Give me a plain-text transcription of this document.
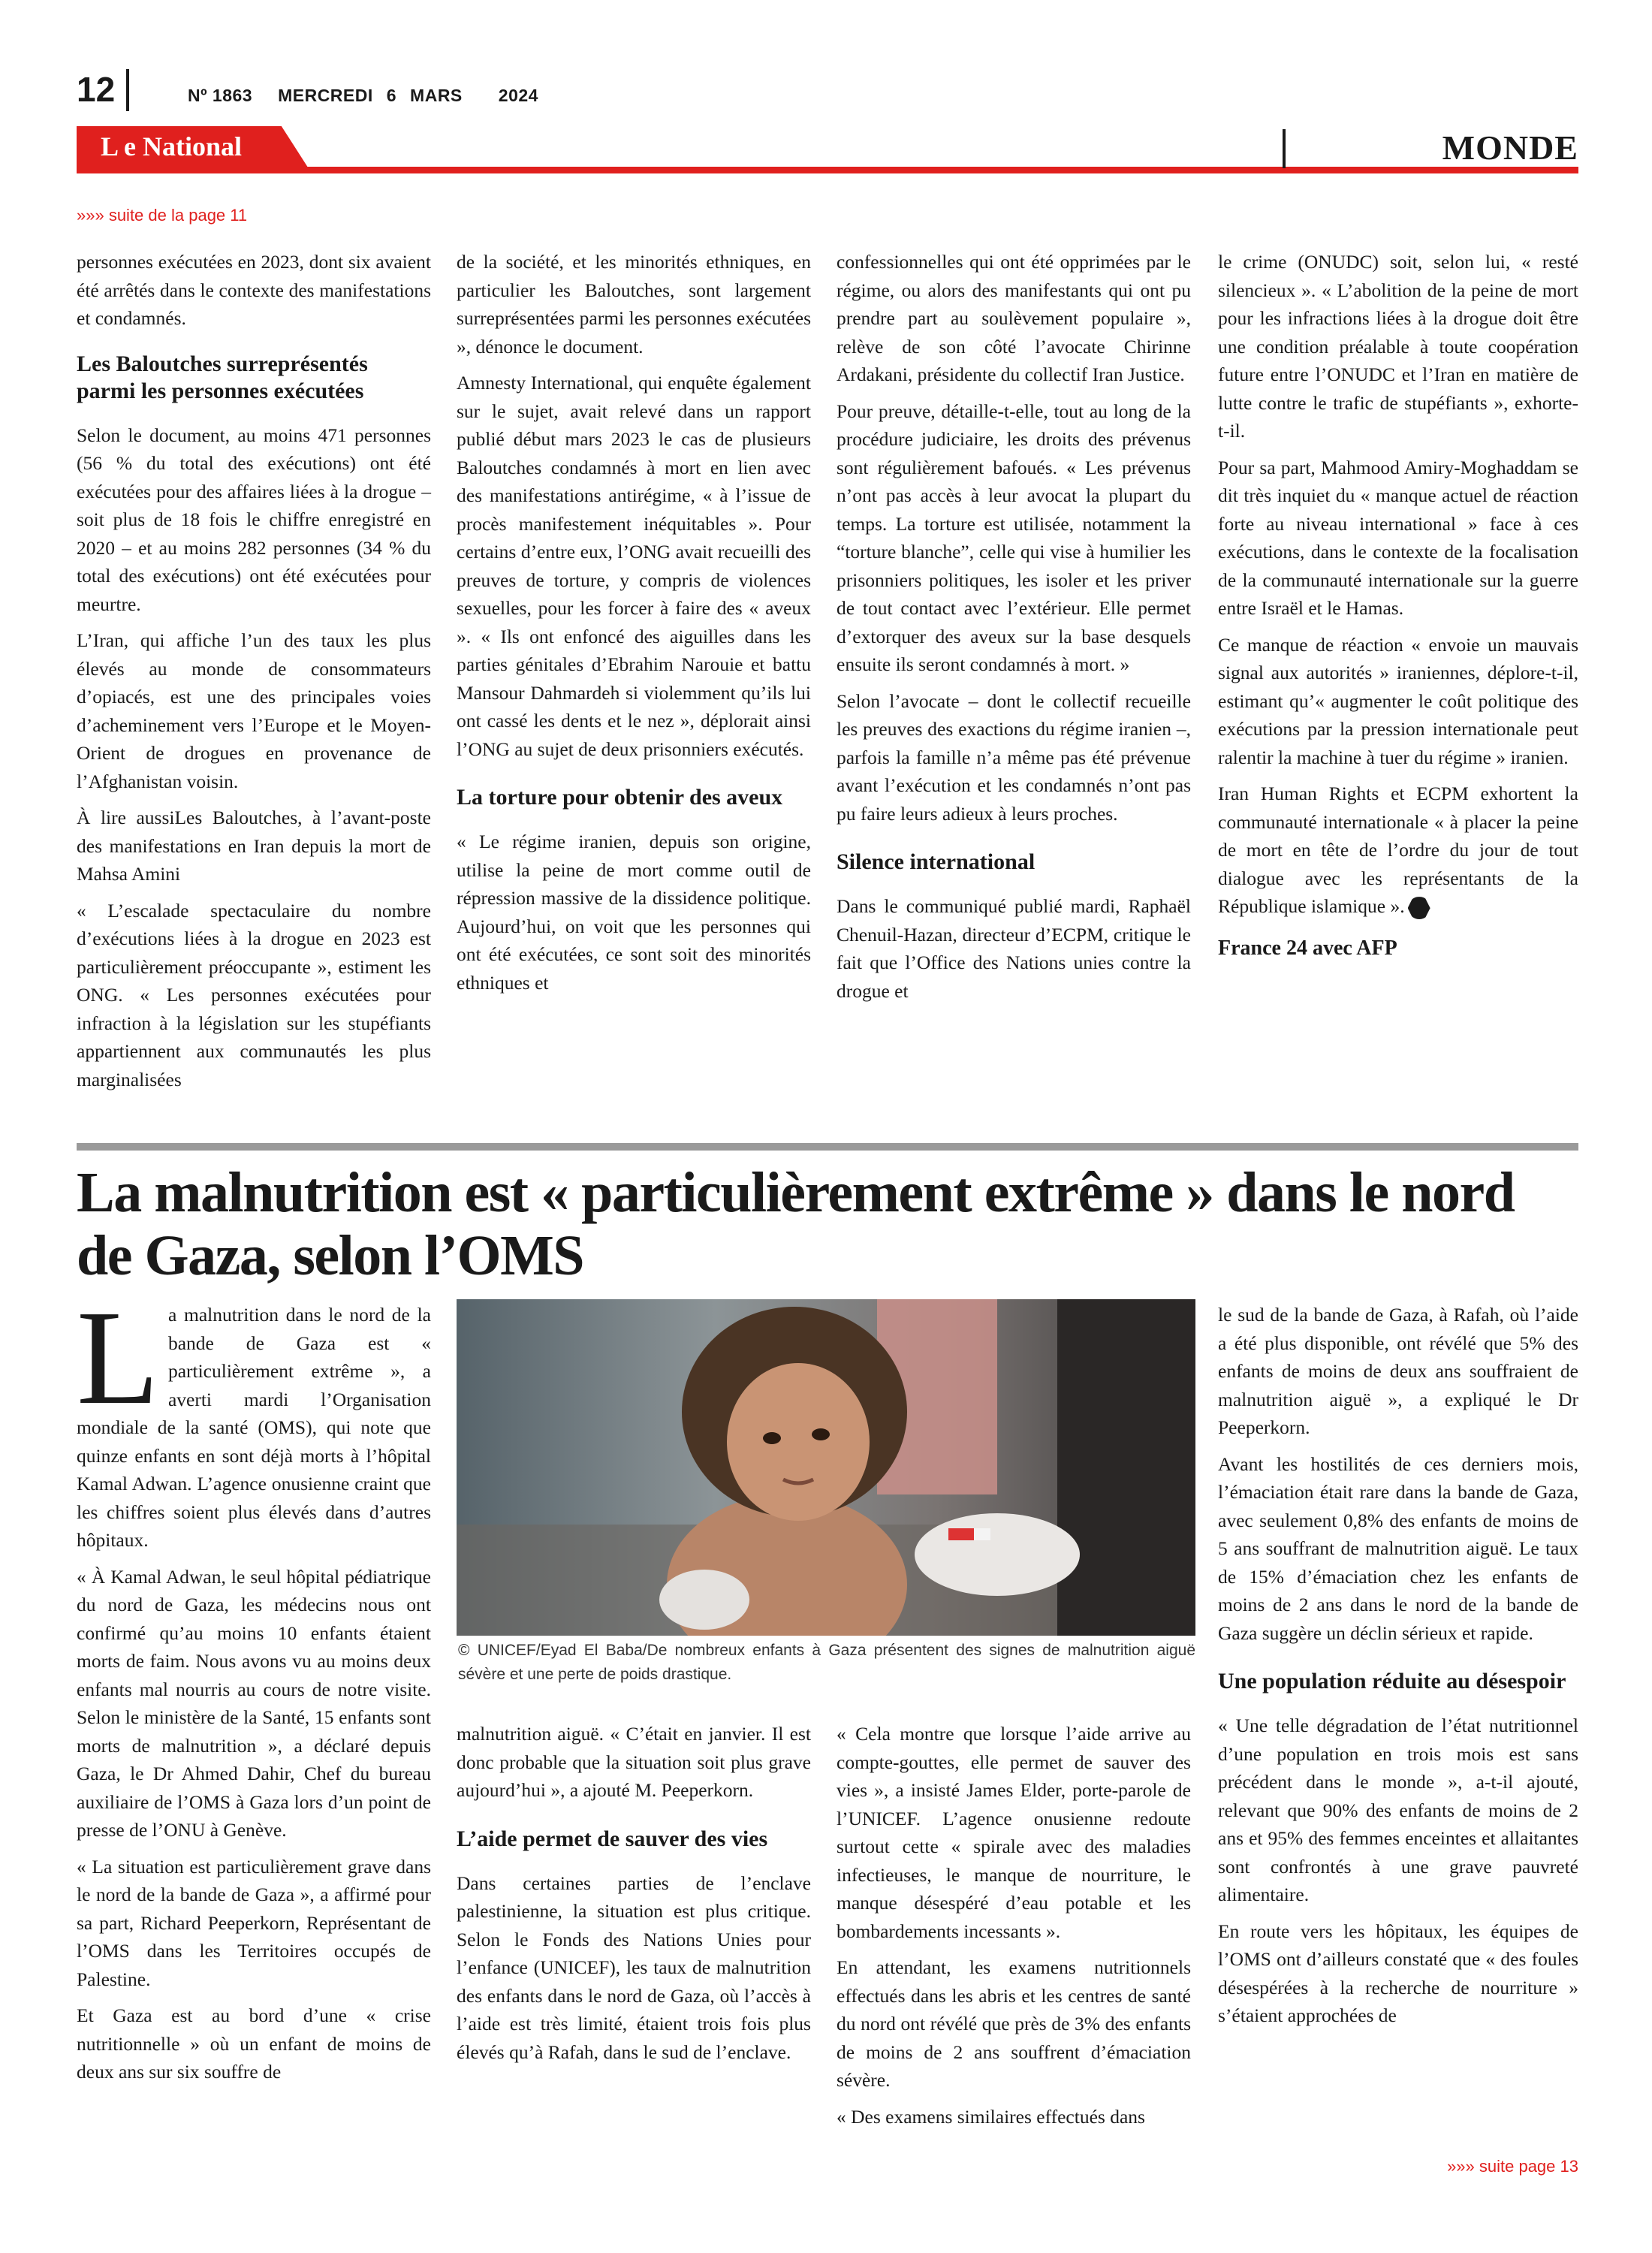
12	Nº 1863 MERCREDI 6 MARS 2024
L e National	MONDE
»»» suite de la page 11

personnes exécutées en 2023, dont six avaient été arrêtés dans le contexte des manifestations et condamnés.

Les Baloutches surreprésentés parmi les personnes exécutées

Selon le document, au moins 471 personnes (56 % du total des exécutions) ont été exécutées pour des affaires liées à la drogue – soit plus de 18 fois le chiffre enregistré en 2020 – et au moins 282 personnes (34 % du total des exécutions) ont été exécutées pour meurtre.

L’Iran, qui affiche l’un des taux les plus élevés au monde de consommateurs d’opiacés, est une des principales voies d’acheminement vers l’Europe et le Moyen-Orient de drogues en provenance de l’Afghanistan voisin.

À lire aussiLes Baloutches, à l’avant-poste des manifestations en Iran depuis la mort de Mahsa Amini

« L’escalade spectaculaire du nombre d’exécutions liées à la drogue en 2023 est particulièrement préoccupante », estiment les ONG. « Les personnes exécutées pour infraction à la législation sur les stupéfiants appartiennent aux communautés les plus marginalisées

de la société, et les minorités ethniques, en particulier les Baloutches, sont largement surreprésentées parmi les personnes exécutées », dénonce le document.

Amnesty International, qui enquête également sur le sujet, avait relevé dans un rapport publié début mars 2023 le cas de plusieurs Baloutches condamnés à mort en lien avec des manifestations antirégime, « à l’issue de procès manifestement inéquitables ». Pour certains d’entre eux, l’ONG avait recueilli des preuves de torture, y compris de violences sexuelles, pour les forcer à faire des « aveux ». « Ils ont enfoncé des aiguilles dans les parties génitales d’Ebrahim Narouie et battu Mansour Dahmardeh si violemment qu’ils lui ont cassé les dents et le nez », déplorait ainsi l’ONG au sujet de deux prisonniers exécutés.

La torture pour obtenir des aveux

« Le régime iranien, depuis son origine, utilise la peine de mort comme outil de répression massive de la dissidence politique. Aujourd’hui, on voit que les personnes qui ont été exécutées, ce sont soit des minorités ethniques et

confessionnelles qui ont été opprimées par le régime, ou alors des manifestants qui ont pu prendre part au soulèvement populaire », relève de son côté l’avocate Chirinne Ardakani, présidente du collectif Iran Justice.

Pour preuve, détaille-t-elle, tout au long de la procédure judiciaire, les droits des prévenus sont régulièrement bafoués. « Les prévenus n’ont pas accès à leur avocat la plupart du temps. La torture est utilisée, notamment la “torture blanche”, celle qui vise à humilier les prisonniers politiques, les isoler et les priver de tout contact avec l’extérieur. Elle permet d’extorquer des aveux sur la base desquels ensuite ils seront condamnés à mort. »

Selon l’avocate – dont le collectif recueille les preuves des exactions du régime iranien –, parfois la famille n’a même pas été prévenue avant l’exécution et les condamnés n’ont pas pu faire leurs adieux à leurs proches.

Silence international

Dans le communiqué publié mardi, Raphaël Chenuil-Hazan, directeur d’ECPM, critique le fait que l’Office des Nations unies contre la drogue et

le crime (ONUDC) soit, selon lui, « resté silencieux ». « L’abolition de la peine de mort pour les infractions liées à la drogue doit être une condition préalable à toute coopération future entre l’ONUDC et l’Iran en matière de lutte contre le trafic de stupéfiants », exhorte-t-il.

Pour sa part, Mahmood Amiry-Moghaddam se dit très inquiet du « manque actuel de réaction forte au niveau international » face à ces exécutions, dans le contexte de la focalisation de la communauté internationale sur la guerre entre Israël et le Hamas.

Ce manque de réaction « envoie un mauvais signal aux autorités » iraniennes, déplore-t-il, estimant qu’« augmenter le coût politique des exécutions par la pression internationale peut ralentir la machine à tuer du régime » iranien.

Iran Human Rights et ECPM exhortent la communauté internationale « à placer la peine de mort en tête de l’ordre du jour de tout dialogue avec les représentants de la République islamique ».

France 24 avec AFP
La malnutrition est « particulièrement extrême » dans le nord de Gaza, selon l’OMS

La malnutrition dans le nord de la bande de Gaza est « particulièrement extrême », a averti mardi l’Organisation mondiale de la santé (OMS), qui note que quinze enfants en sont déjà morts à l’hôpital Kamal Adwan. L’agence onusienne craint que les chiffres soient plus élevés dans d’autres hôpitaux.

« À Kamal Adwan, le seul hôpital pédiatrique du nord de Gaza, les médecins nous ont confirmé qu’au moins 10 enfants étaient morts de faim. Nous avons vu au moins deux enfants mal nourris au cours de notre visite. Selon le ministère de la Santé, 15 enfants sont morts de malnutrition », a déclaré depuis Gaza, le Dr Ahmed Dahir, Chef du bureau auxiliaire de l’OMS à Gaza lors d’un point de presse de l’ONU à Genève.

« La situation est particulièrement grave dans le nord de la bande de Gaza », a affirmé pour sa part, Richard Peeperkorn, Représentant de l’OMS dans les Territoires occupés de Palestine.

Et Gaza est au bord d’une « crise nutritionnelle » où un enfant de moins de deux ans sur six souffre de

© UNICEF/Eyad El Baba/De nombreux enfants à Gaza présentent des signes de malnutrition aiguë sévère et une perte de poids drastique.

malnutrition aiguë. « C’était en janvier. Il est donc probable que la situation soit plus grave aujourd’hui », a ajouté M. Peeperkorn.

L’aide permet de sauver des vies

Dans certaines parties de l’enclave palestinienne, la situation est plus critique. Selon le Fonds des Nations Unies pour l’enfance (UNICEF), les taux de malnutrition des enfants dans le nord de Gaza, où l’accès à l’aide est très limité, étaient trois fois plus élevés qu’à Rafah, dans le sud de l’enclave.

« Cela montre que lorsque l’aide arrive au compte-gouttes, elle permet de sauver des vies », a insisté James Elder, porte-parole de l’UNICEF. L’agence onusienne redoute surtout cette « spirale avec des maladies infectieuses, le manque de nourriture, le manque désespéré d’eau potable et les bombardements incessants ».

En attendant, les examens nutritionnels effectués dans les abris et les centres de santé du nord ont révélé que près de 3% des enfants de moins de 2 ans souffrent d’émaciation sévère.

« Des examens similaires effectués dans

le sud de la bande de Gaza, à Rafah, où l’aide a été plus disponible, ont révélé que 5% des enfants de moins de deux ans souffraient de malnutrition aiguë », a expliqué le Dr Peeperkorn.

Avant les hostilités de ces derniers mois, l’émaciation était rare dans la bande de Gaza, avec seulement 0,8% des enfants de moins de 5 ans souffrant de malnutrition aiguë. Le taux de 15% d’émaciation chez les enfants de moins de 2 ans dans le nord de la bande de Gaza suggère un déclin sérieux et rapide.

Une population réduite au désespoir

« Une telle dégradation de l’état nutritionnel d’une population en trois mois est sans précédent dans le monde », a-t-il ajouté, relevant que 90% des enfants de moins de 2 ans et 95% des femmes enceintes et allaitantes sont confrontés à une grave pauvreté alimentaire.

En route vers les hôpitaux, les équipes de l’OMS ont d’ailleurs constaté que « des foules désespérées à la recherche de nourriture » s’étaient approchées de

»»» suite page 13
